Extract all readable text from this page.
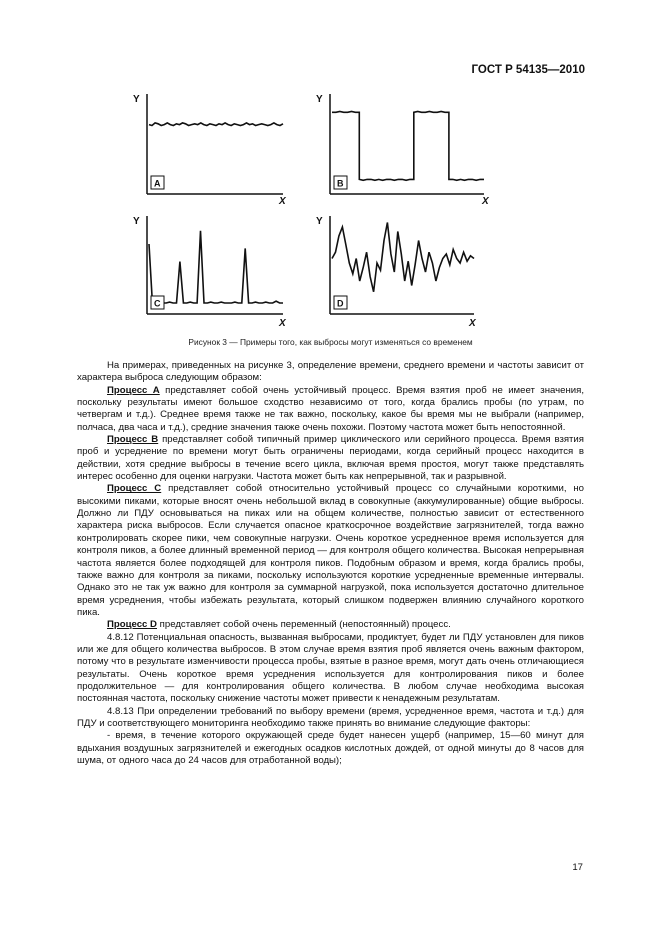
ГОСТ Р 54135—2010
Y
X
A
Y
X
B
Y
X
C
Y
X
D
Рисунок 3 — Примеры того, как выбросы могут изменяться со временем

На примерах, приведенных на рисунке 3, определение времени, среднего времени и частоты зависит от характера выброса следующим образом:

Процесс A представляет собой очень устойчивый процесс. Время взятия проб не имеет значения, поскольку результаты имеют большое сходство независимо от того, когда брались пробы (по утрам, по четвергам и т.д.). Среднее время также не так важно, поскольку, какое бы время мы не выбрали (например, полчаса, два часа и т.д.), средние значения также очень похожи. Поэтому частота может быть непостоянной.

Процесс B представляет собой типичный пример циклического или серийного процесса. Время взятия проб и усреднение по времени могут быть ограничены периодами, когда серийный процесс находится в действии, хотя средние выбросы в течение всего цикла, включая время простоя, могут также представлять интерес особенно для оценки нагрузки. Частота может быть как непрерывной, так и разрывной.

Процесс C представляет собой относительно устойчивый процесс со случайными короткими, но высокими пиками, которые вносят очень небольшой вклад в совокупные (аккумулированные) общие выбросы. Должно ли ПДУ основываться на пиках или на общем количестве, полностью зависит от естественного характера риска выбросов. Если случается опасное краткосрочное воздействие загрязнителей, тогда важно контролировать скорее пики, чем совокупные нагрузки. Очень короткое усредненное время используется для контроля пиков, а более длинный временной период — для контроля общего количества. Высокая непрерывная частота является более подходящей для контроля пиков. Подобным образом и время, когда брались пробы, также важно для контроля за пиками, поскольку используются короткие усредненные временные интервалы. Однако это не так уж важно для контроля за суммарной нагрузкой, пока используется достаточно длительное время усреднения, чтобы избежать результата, который слишком подвержен влиянию случайного короткого пика.

Процесс D представляет собой очень переменный (непостоянный) процесс.

4.8.12 Потенциальная опасность, вызванная выбросами, продиктует, будет ли ПДУ установлен для пиков или же для общего количества выбросов. В этом случае время взятия проб является очень важным фактором, потому что в результате изменчивости процесса пробы, взятые в разное время, могут дать очень отличающиеся результаты. Очень короткое время усреднения используется для контролирования пиков и более продолжительное — для контролирования общего количества. В любом случае необходима высокая постоянная частота, поскольку снижение частоты может привести к ненадежным результатам.

4.8.13 При определении требований по выбору времени (время, усредненное время, частота и т.д.) для ПДУ и соответствующего мониторинга необходимо также принять во внимание следующие факторы:

- время, в течение которого окружающей среде будет нанесен ущерб (например, 15—60 минут для вдыхания воздушных загрязнителей и ежегодных осадков кислотных дождей, от одной минуты до 8 часов для шума, от одного часа до 24 часов для отработанной воды);

17
